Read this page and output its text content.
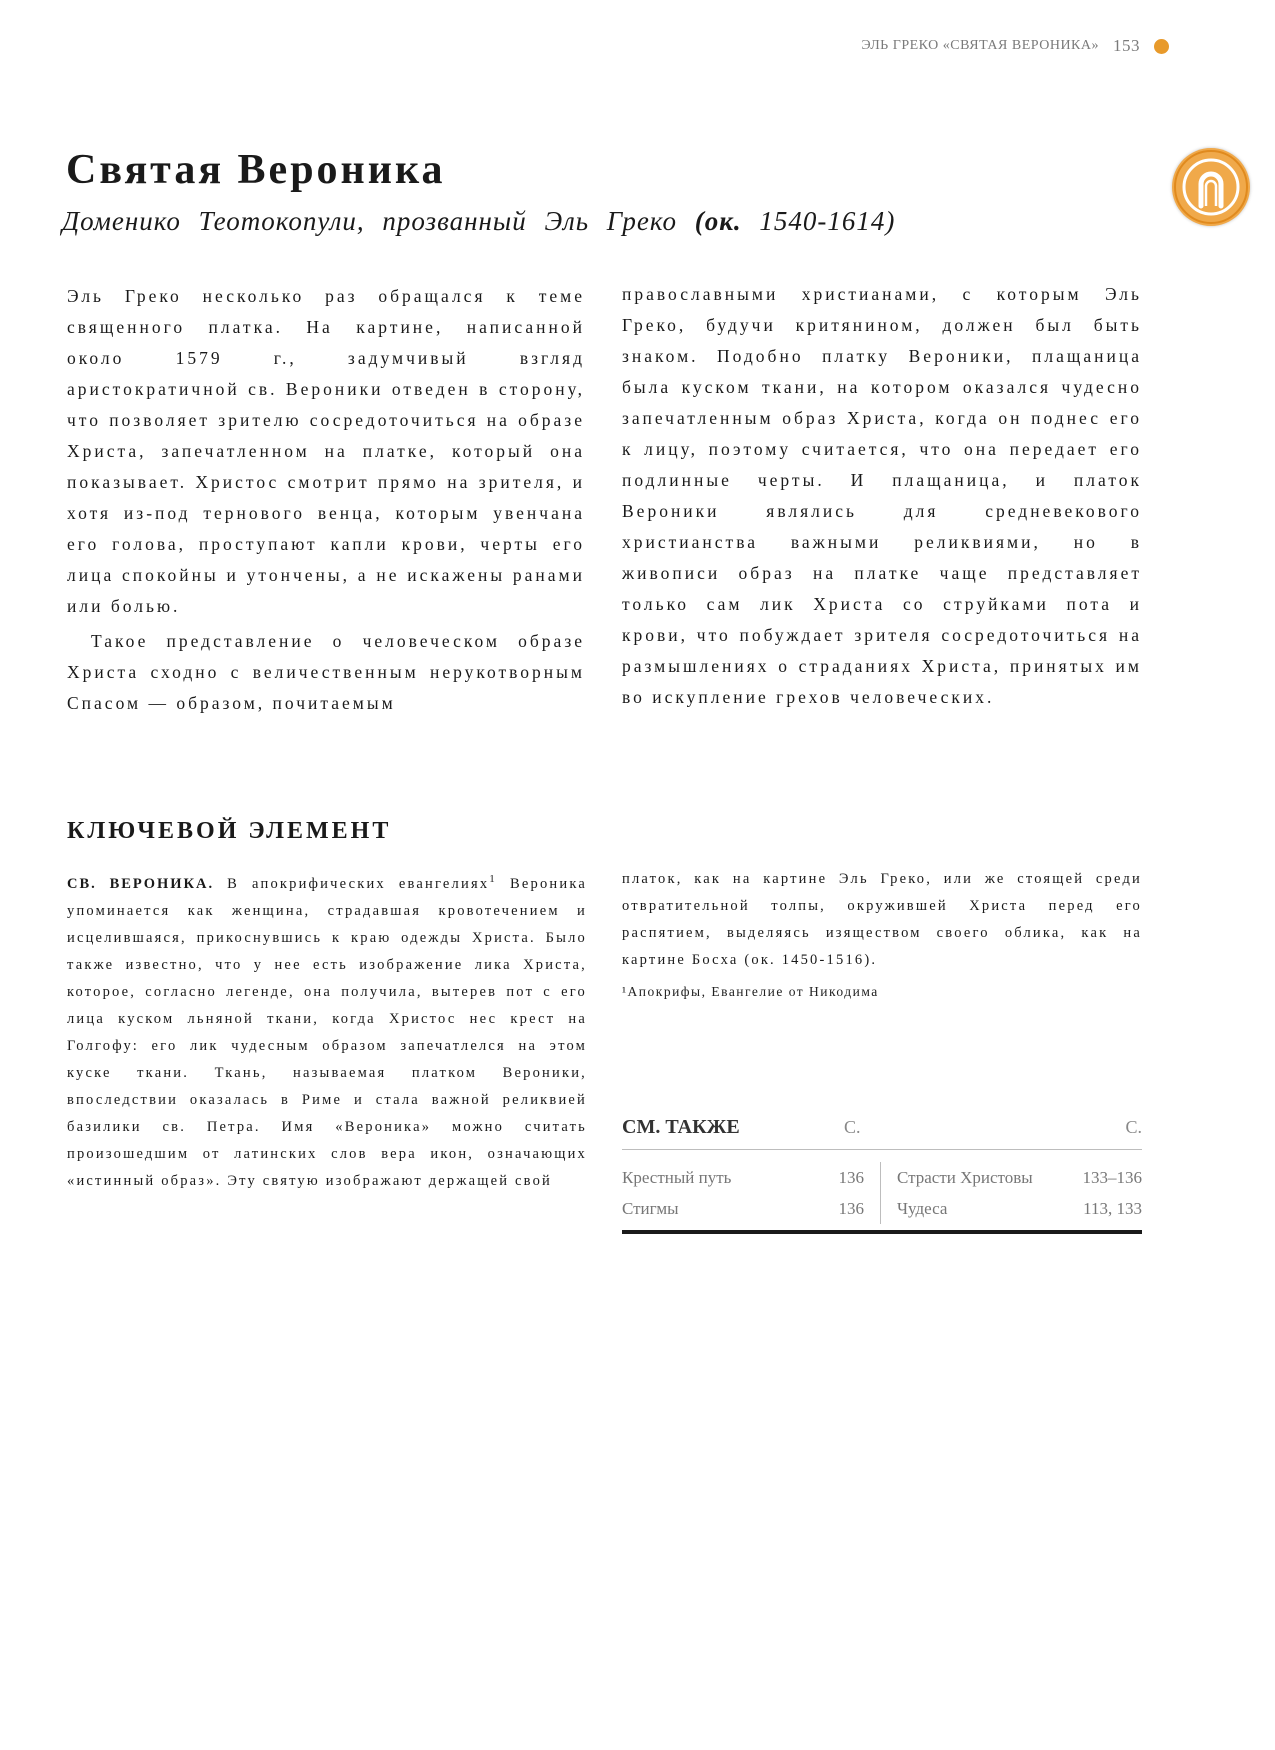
ЭЛЬ ГРЕКО «СВЯТАЯ ВЕРОНИКА» 153
Святая Вероника
Доменико Теотокопули, прозванный Эль Греко (ок. 1540-1614)

Эль Греко несколько раз обращался к теме священного платка. На картине, написанной около 1579 г., задумчивый взгляд аристократичной св. Вероники отведен в сторону, что позволяет зрителю сосредоточиться на образе Христа, запечатленном на платке, который она показывает. Христос смотрит прямо на зрителя, и хотя из-под тернового венца, которым увенчана его голова, проступают капли крови, черты его лица спокойны и утончены, а не искажены ранами или болью.

Такое представление о человеческом образе Христа сходно с величественным нерукотворным Спасом — образом, почитаемым

православными христианами, с которым Эль Греко, будучи критянином, должен был быть знаком. Подобно платку Вероники, плащаница была куском ткани, на котором оказался чудесно запечатленным образ Христа, когда он поднес его к лицу, поэтому считается, что она передает его подлинные черты. И плащаница, и платок Вероники являлись для средневекового христианства важными реликвиями, но в живописи образ на платке чаще представляет только сам лик Христа со струйками пота и крови, что побуждает зрителя сосредоточиться на размышлениях о страданиях Христа, принятых им во искупление грехов человеческих.

КЛЮЧЕВОЙ ЭЛЕМЕНТ

СВ. ВЕРОНИКА. В апокрифических евангелиях$^1$ Вероника упоминается как женщина, страдавшая кровотечением и исцелившаяся, прикоснувшись к краю одежды Христа. Было также известно, что у нее есть изображение лика Христа, которое, согласно легенде, она получила, вытерев пот с его лица куском льняной ткани, когда Христос нес крест на Голгофу: его лик чудесным образом запечатлелся на этом куске ткани. Ткань, называемая платком Вероники, впоследствии оказалась в Риме и стала важной реликвией базилики св. Петра. Имя «Вероника» можно считать произошедшим от латинских слов вера икон, означающих «истинный образ». Эту святую изображают держащей свой

платок, как на картине Эль Греко, или же стоящей среди отвратительной толпы, окружившей Христа перед его распятием, выделяясь изяществом своего облика, как на картине Босха (ок. 1450-1516).

¹Апокрифы, Евангелие от Никодима
СМ. ТАКЖЕ	С.	С.
Крестный путь	136
Стигмы	136
Страсти Христовы	133–136
Чудеса	113, 133
